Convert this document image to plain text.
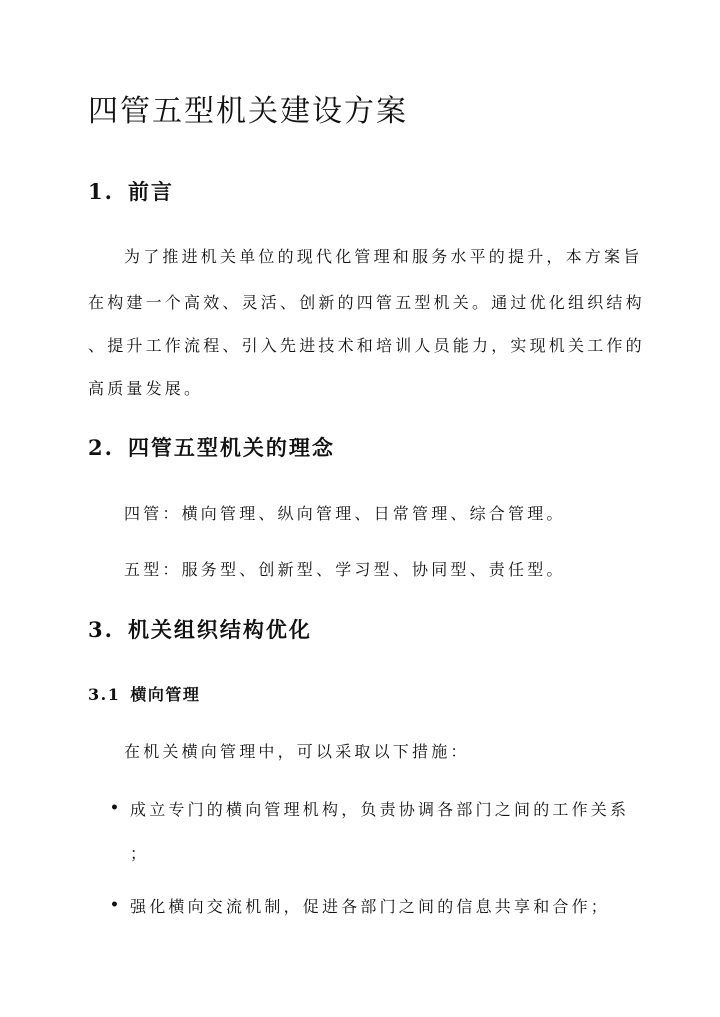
四管五型机关建设方案
1. 前言

为了推进机关单位的现代化管理和服务水平的提升，本方案旨

在构建一个高效、灵活、创新的四管五型机关。通过优化组织结构

、提升工作流程、引入先进技术和培训人员能力，实现机关工作的

高质量发展。

2. 四管五型机关的理念

四管：横向管理、纵向管理、日常管理、综合管理。

五型：服务型、创新型、学习型、协同型、责任型。

3. 机关组织结构优化
3.1 横向管理

在机关横向管理中，可以采取以下措施：

• 成立专门的横向管理机构，负责协调各部门之间的工作关系

；

• 强化横向交流机制，促进各部门之间的信息共享和合作；
